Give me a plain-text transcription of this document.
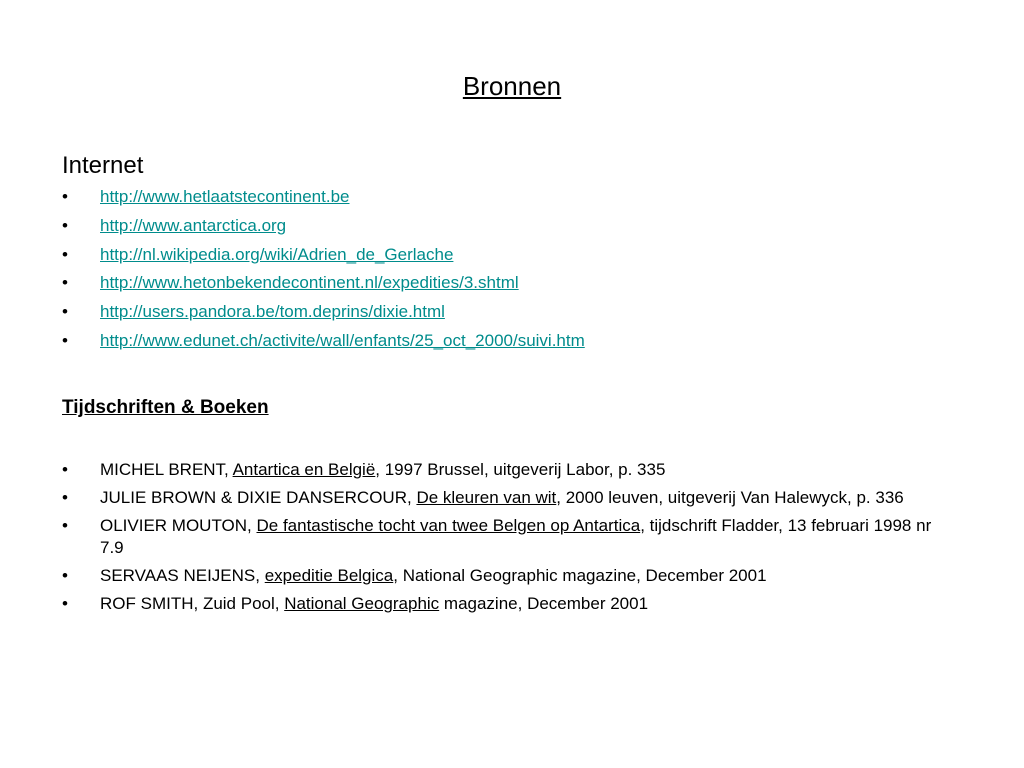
Bronnen
Internet
• http://www.hetlaatstecontinent.be
• http://www.antarctica.org
• http://nl.wikipedia.org/wiki/Adrien_de_Gerlache
• http://www.hetonbekendecontinent.nl/expedities/3.shtml
• http://users.pandora.be/tom.deprins/dixie.html
• http://www.edunet.ch/activite/wall/enfants/25_oct_2000/suivi.htm
Tijdschriften & Boeken
• MICHEL BRENT, Antartica en België, 1997 Brussel, uitgeverij Labor, p. 335
• JULIE BROWN & DIXIE DANSERCOUR, De kleuren van wit, 2000 leuven, uitgeverij Van Halewyck, p. 336
• OLIVIER MOUTON, De fantastische tocht van twee Belgen op Antartica, tijdschrift Fladder, 13 februari 1998 nr 7.9
• SERVAAS NEIJENS, expeditie Belgica, National Geographic magazine, December 2001
• ROF SMITH, Zuid Pool, National Geographic magazine, December 2001
